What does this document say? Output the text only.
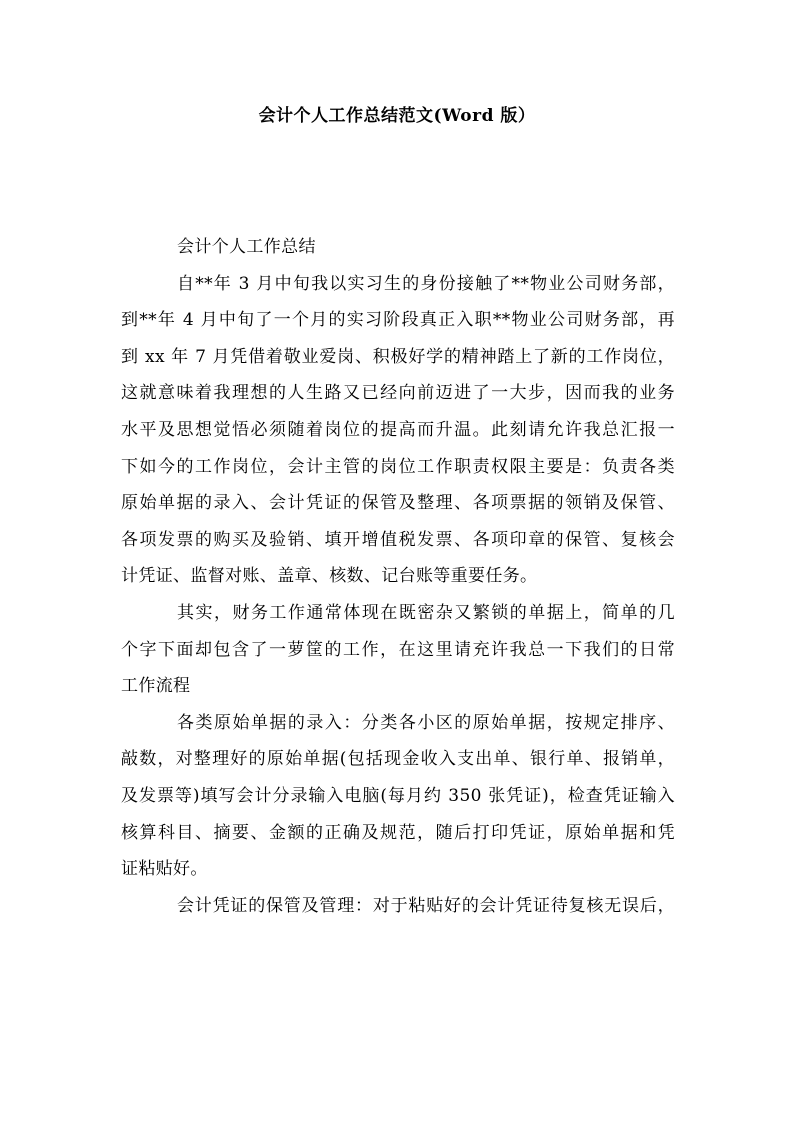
会计个人工作总结范文(Word 版）
会计个人工作总结
自**年 3 月中旬我以实习生的身份接触了**物业公司财务部，
到**年 4 月中旬了一个月的实习阶段真正入职**物业公司财务部，再
到 xx 年 7 月凭借着敬业爱岗、积极好学的精神踏上了新的工作岗位，
这就意味着我理想的人生路又已经向前迈进了一大步，因而我的业务
水平及思想觉悟必须随着岗位的提高而升温。此刻请允许我总汇报一
下如今的工作岗位，会计主管的岗位工作职责权限主要是：负责各类
原始单据的录入、会计凭证的保管及整理、各项票据的领销及保管、
各项发票的购买及验销、填开增值税发票、各项印章的保管、复核会
计凭证、监督对账、盖章、核数、记台账等重要任务。
其实，财务工作通常体现在既密杂又繁锁的单据上，简单的几
个字下面却包含了一萝筐的工作，在这里请充许我总一下我们的日常
工作流程
各类原始单据的录入：分类各小区的原始单据，按规定排序、
敲数，对整理好的原始单据(包括现金收入支出单、银行单、报销单，
及发票等)填写会计分录输入电脑(每月约 350 张凭证)，检查凭证输入
核算科目、摘要、金额的正确及规范，随后打印凭证，原始单据和凭
证粘贴好。
会计凭证的保管及管理：对于粘贴好的会计凭证待复核无误后，
